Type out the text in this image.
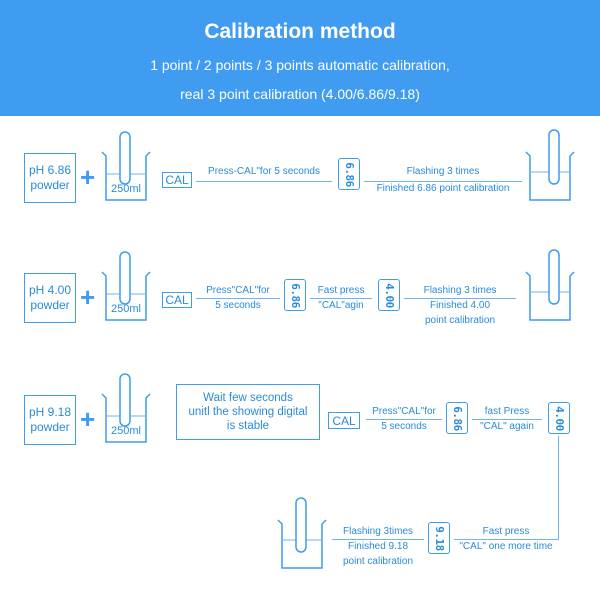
Calibration method
1 point / 2 points / 3 points automatic calibration,
real 3 point calibration (4.00/6.86/9.18)
pH 6.86
powder +	250ml
CAL
Press-CAL"for 5 seconds	6.86	Flashing 3 times
Finished 6.86 point calibration
pH 4.00
powder +	250ml
CAL
Press"CAL"for
5 seconds	6.86	Fast press
"CAL"agin	4.00	Flashing 3 times
Finished 4.00
point calibration
pH 9.18
powder +	250ml
Wait few seconds
unitl the showing digital
is stable	CAL
Press"CAL"for
5 seconds	6.86	fast Press
"CAL" again	4.00
Fast press
"CAL" one more time
9.18
Flashing 3times
Finished 9.18
point calibration
